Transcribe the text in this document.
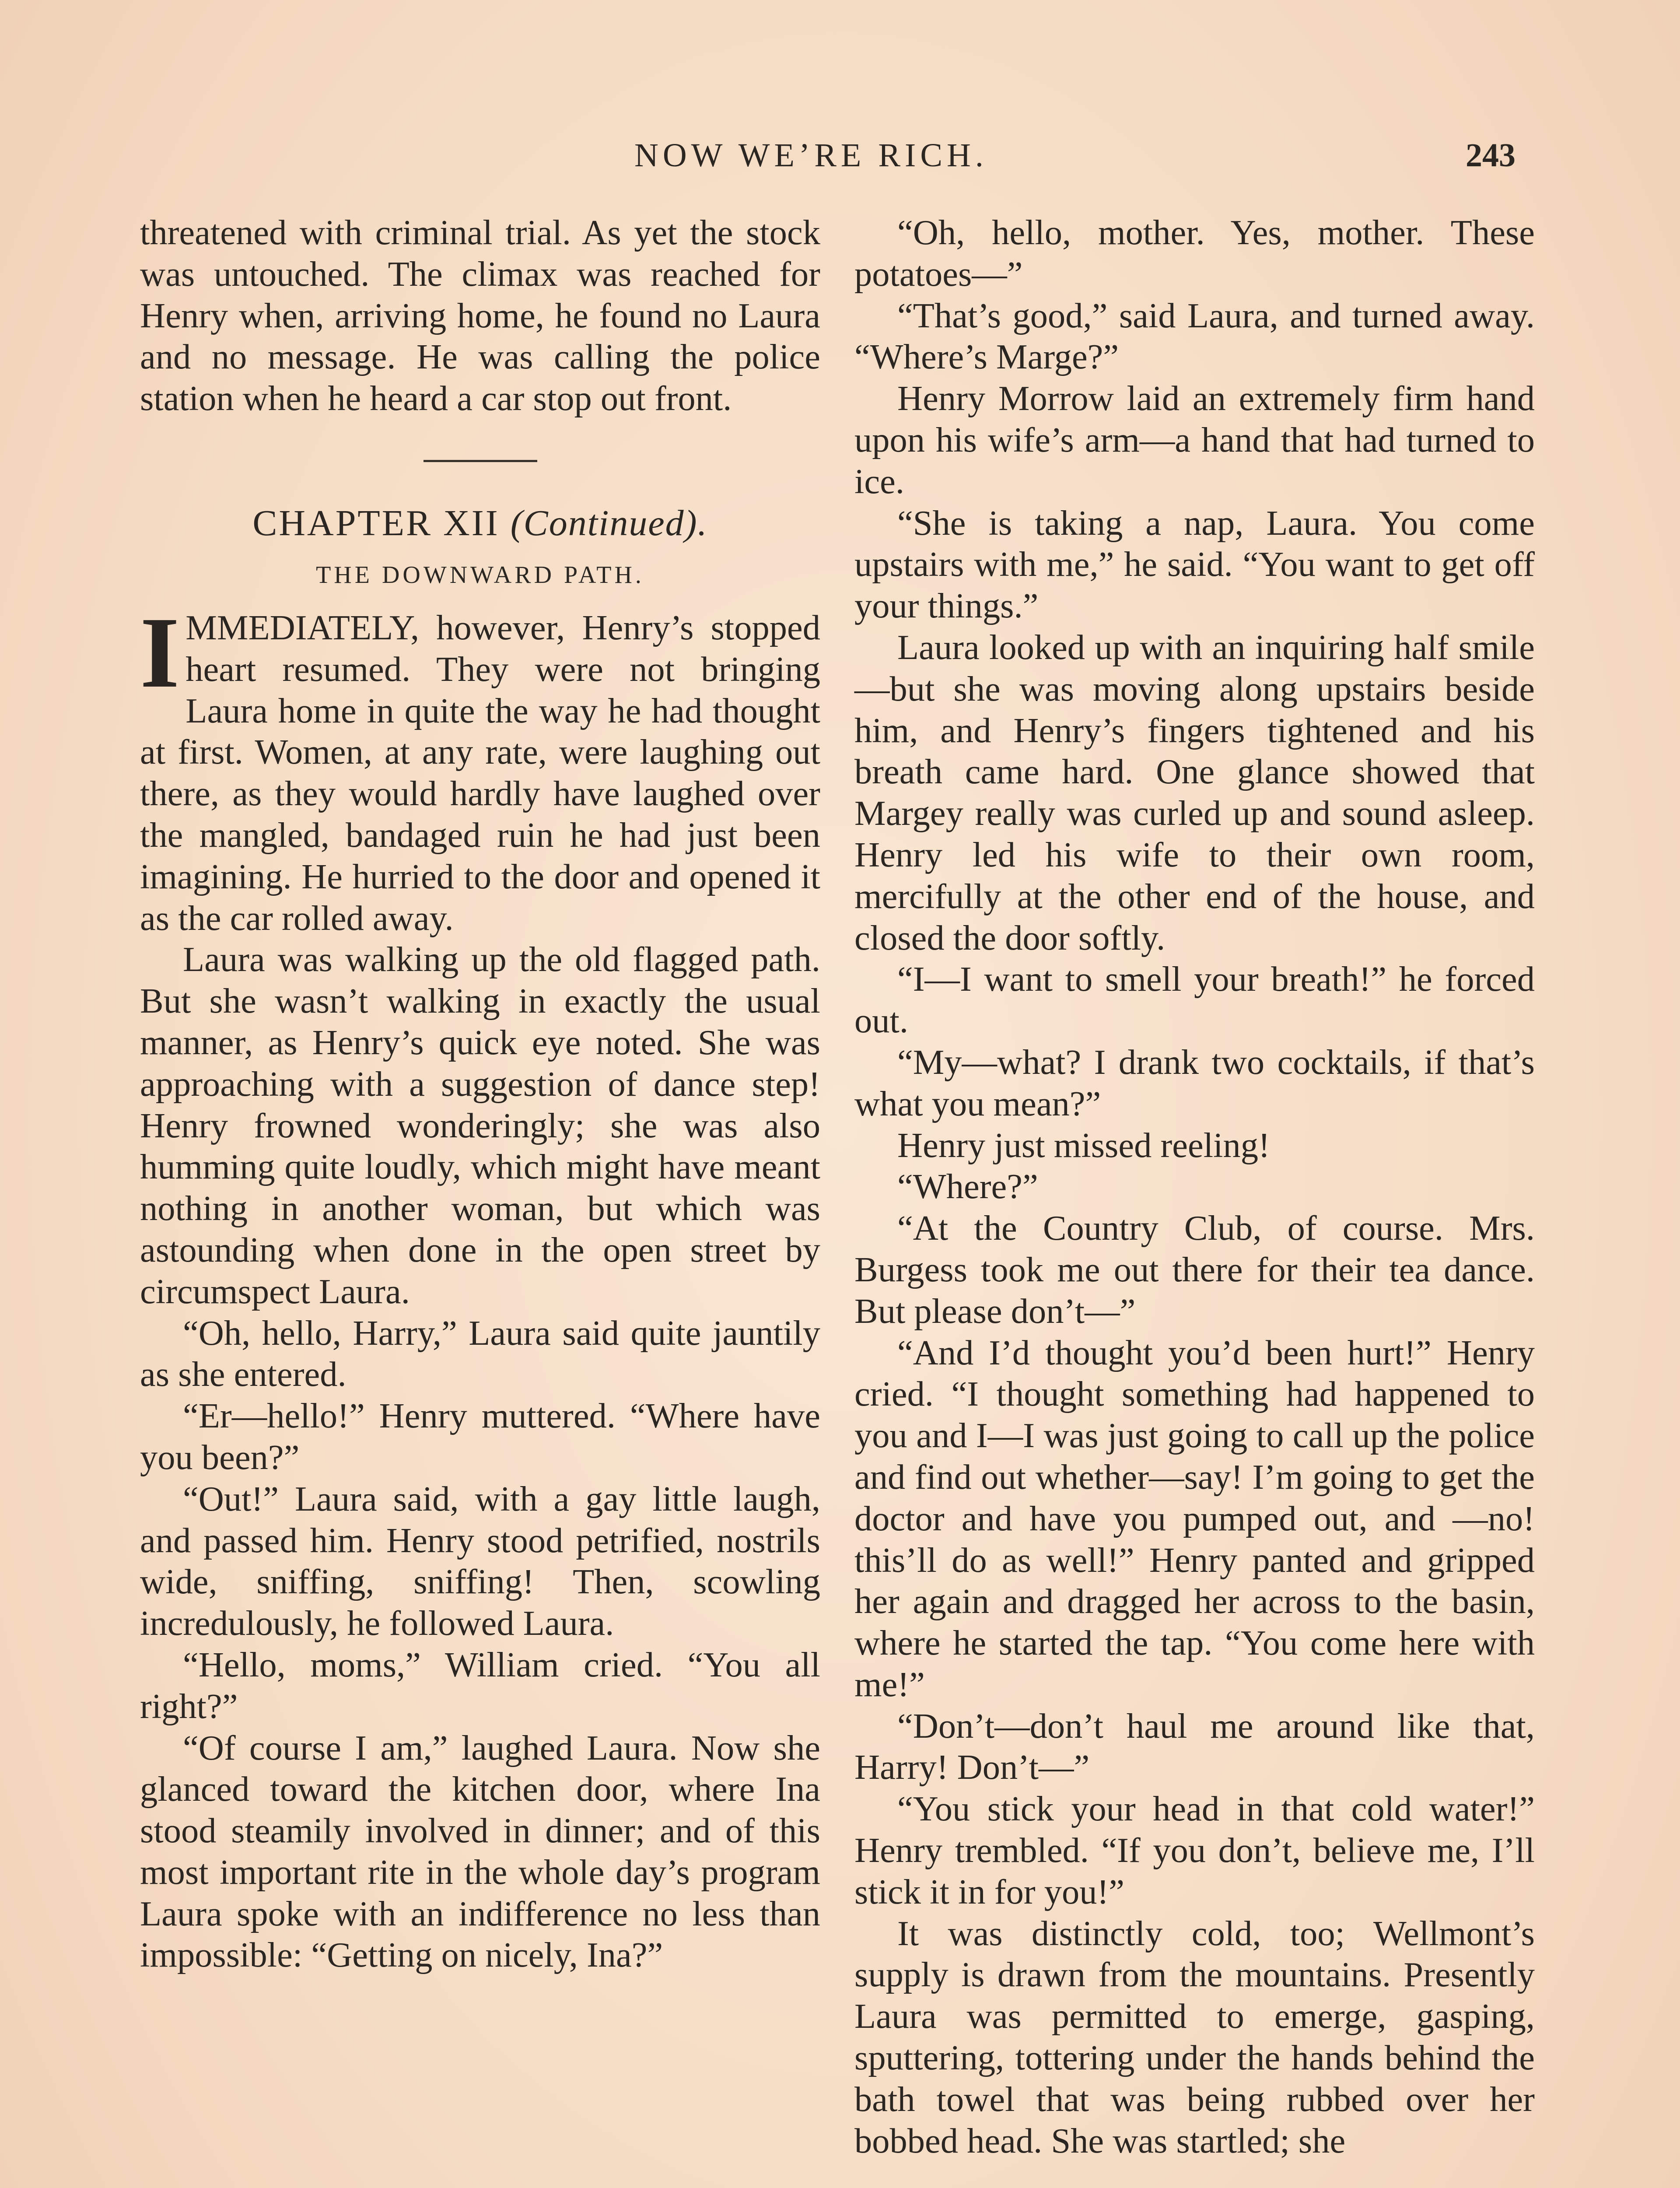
NOW WE’RE RICH.	243

threatened with criminal trial. As yet the stock was untouched. The climax was reached for Henry when, arriving home, he found no Laura and no message. He was calling the police station when he heard a car stop out front.

CHAPTER XII (Continued).
THE DOWNWARD PATH.

IMMEDIATELY, however, Henry’s stopped heart resumed. They were not bringing Laura home in quite the way he had thought at first. Women, at any rate, were laughing out there, as they would hardly have laughed over the mangled, bandaged ruin he had just been imagining. He hurried to the door and opened it as the car rolled away.

Laura was walking up the old flagged path. But she wasn’t walking in exactly the usual manner, as Henry’s quick eye noted. She was approaching with a suggestion of dance step! Henry frowned wonderingly; she was also humming quite loudly, which might have meant nothing in another woman, but which was astounding when done in the open street by circumspect Laura.

“Oh, hello, Harry,” Laura said quite jauntily as she entered.

“Er—hello!” Henry muttered. “Where have you been?”

“Out!” Laura said, with a gay little laugh, and passed him. Henry stood petrified, nostrils wide, sniffing, sniffing! Then, scowling incredulously, he followed Laura.

“Hello, moms,” William cried. “You all right?”

“Of course I am,” laughed Laura. Now she glanced toward the kitchen door, where Ina stood steamily involved in dinner; and of this most important rite in the whole day’s program Laura spoke with an indifference no less than impossible: “Getting on nicely, Ina?”

“Oh, hello, mother. Yes, mother. These potatoes—”

“That’s good,” said Laura, and turned away. “Where’s Marge?”

Henry Morrow laid an extremely firm hand upon his wife’s arm—a hand that had turned to ice.

“She is taking a nap, Laura. You come upstairs with me,” he said. “You want to get off your things.”

Laura looked up with an inquiring half smile—but she was moving along upstairs beside him, and Henry’s fingers tightened and his breath came hard. One glance showed that Margey really was curled up and sound asleep. Henry led his wife to their own room, mercifully at the other end of the house, and closed the door softly.

“I—I want to smell your breath!” he forced out.

“My—what? I drank two cocktails, if that’s what you mean?”

Henry just missed reeling!

“Where?”

“At the Country Club, of course. Mrs. Burgess took me out there for their tea dance. But please don’t—”

“And I’d thought you’d been hurt!” Henry cried. “I thought something had happened to you and I—I was just going to call up the police and find out whether—say! I’m going to get the doctor and have you pumped out, and —no! this’ll do as well!” Henry panted and gripped her again and dragged her across to the basin, where he started the tap. “You come here with me!”

“Don’t—don’t haul me around like that, Harry! Don’t—”

“You stick your head in that cold water!” Henry trembled. “If you don’t, believe me, I’ll stick it in for you!”

It was distinctly cold, too; Wellmont’s supply is drawn from the mountains. Presently Laura was permitted to emerge, gasping, sputtering, tottering under the hands behind the bath towel that was being rubbed over her bobbed head. She was startled; she
